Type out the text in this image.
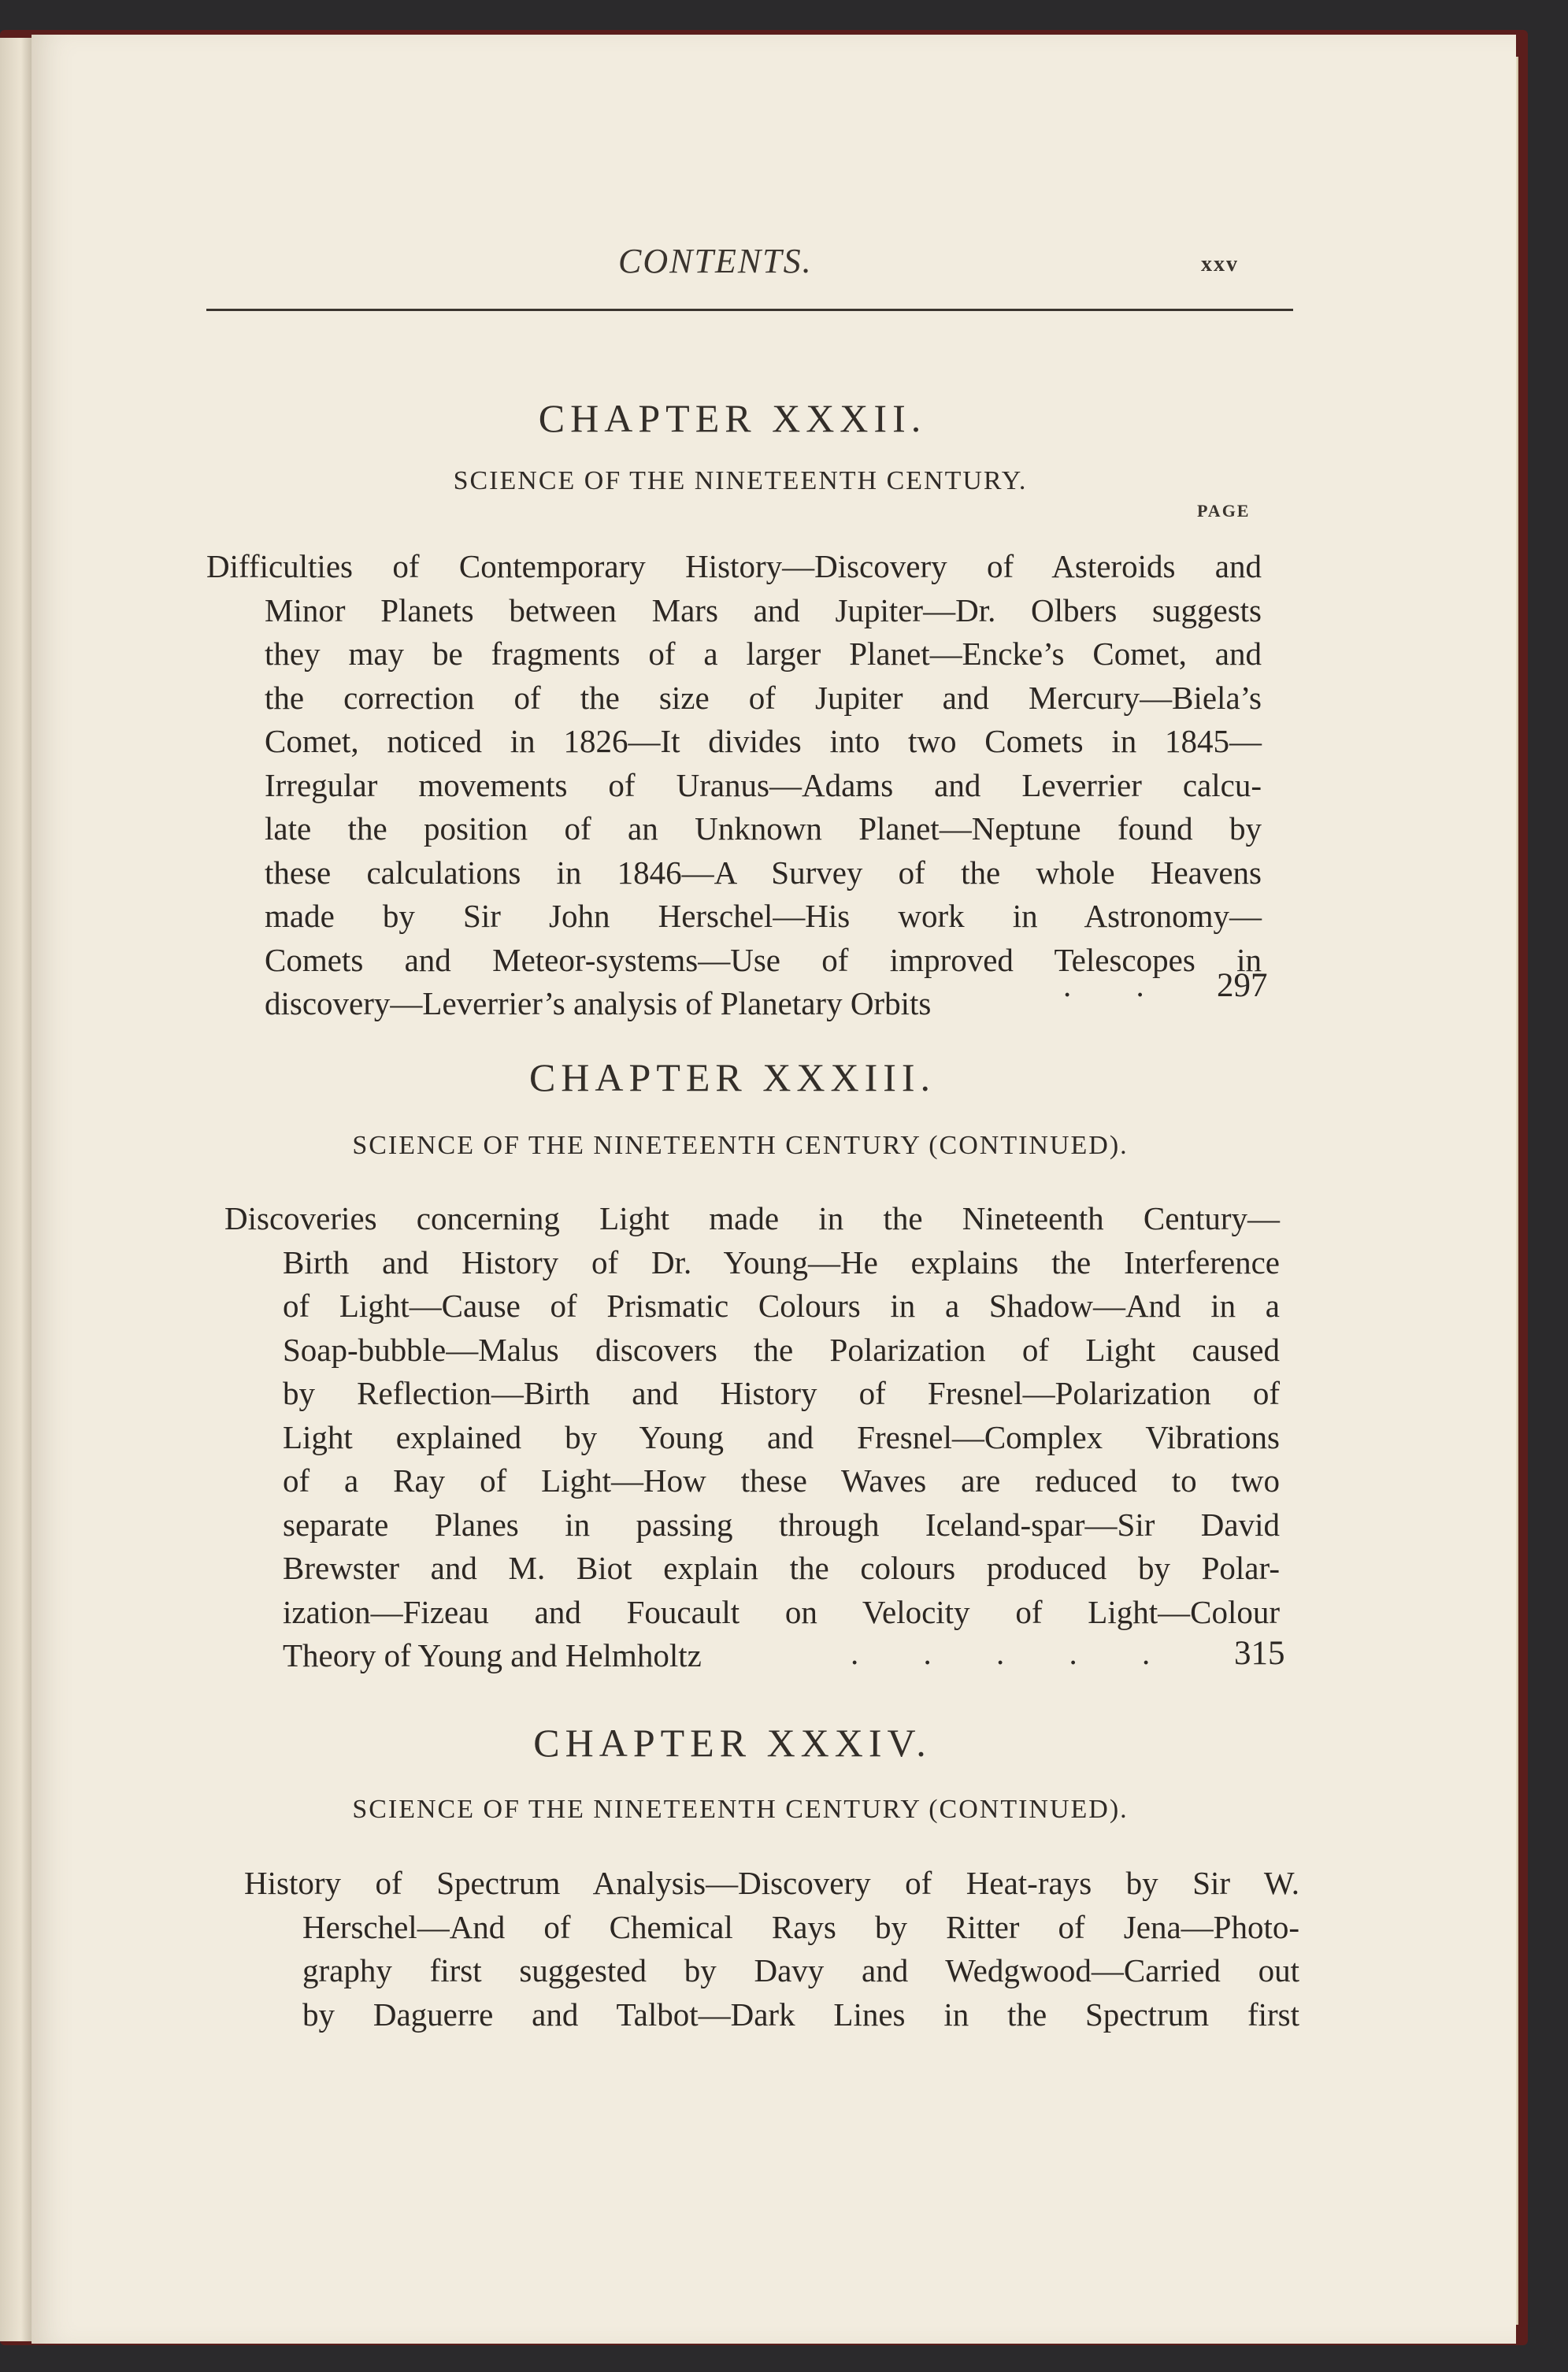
CONTENTS.	xxv
CHAPTER XXXII.
SCIENCE OF THE NINETEENTH CENTURY.
PAGE
Difficulties of Contemporary History—Discovery of Asteroids and
Minor Planets between Mars and Jupiter—Dr. Olbers suggests
they may be fragments of a larger Planet—Encke’s Comet, and
the correction of the size of Jupiter and Mercury—Biela’s
Comet, noticed in 1826—It divides into two Comets in 1845—
Irregular movements of Uranus—Adams and Leverrier calcu-
late the position of an Unknown Planet—Neptune found by
these calculations in 1846—A Survey of the whole Heavens
made by Sir John Herschel—His work in Astronomy—
Comets and Meteor-systems—Use of improved Telescopes in
discovery—Leverrier’s analysis of Planetary Orbits	. . 297
CHAPTER XXXIII.
SCIENCE OF THE NINETEENTH CENTURY (CONTINUED).
Discoveries concerning Light made in the Nineteenth Century—
Birth and History of Dr. Young—He explains the Interference
of Light—Cause of Prismatic Colours in a Shadow—And in a
Soap-bubble—Malus discovers the Polarization of Light caused
by Reflection—Birth and History of Fresnel—Polarization of
Light explained by Young and Fresnel—Complex Vibrations
of a Ray of Light—How these Waves are reduced to two
separate Planes in passing through Iceland-spar—Sir David
Brewster and M. Biot explain the colours produced by Polar-
ization—Fizeau and Foucault on Velocity of Light—Colour
Theory of Young and Helmholtz	. . . . . 315
CHAPTER XXXIV.
SCIENCE OF THE NINETEENTH CENTURY (CONTINUED).
History of Spectrum Analysis—Discovery of Heat-rays by Sir W.
Herschel—And of Chemical Rays by Ritter of Jena—Photo-
graphy first suggested by Davy and Wedgwood—Carried out
by Daguerre and Talbot—Dark Lines in the Spectrum first
